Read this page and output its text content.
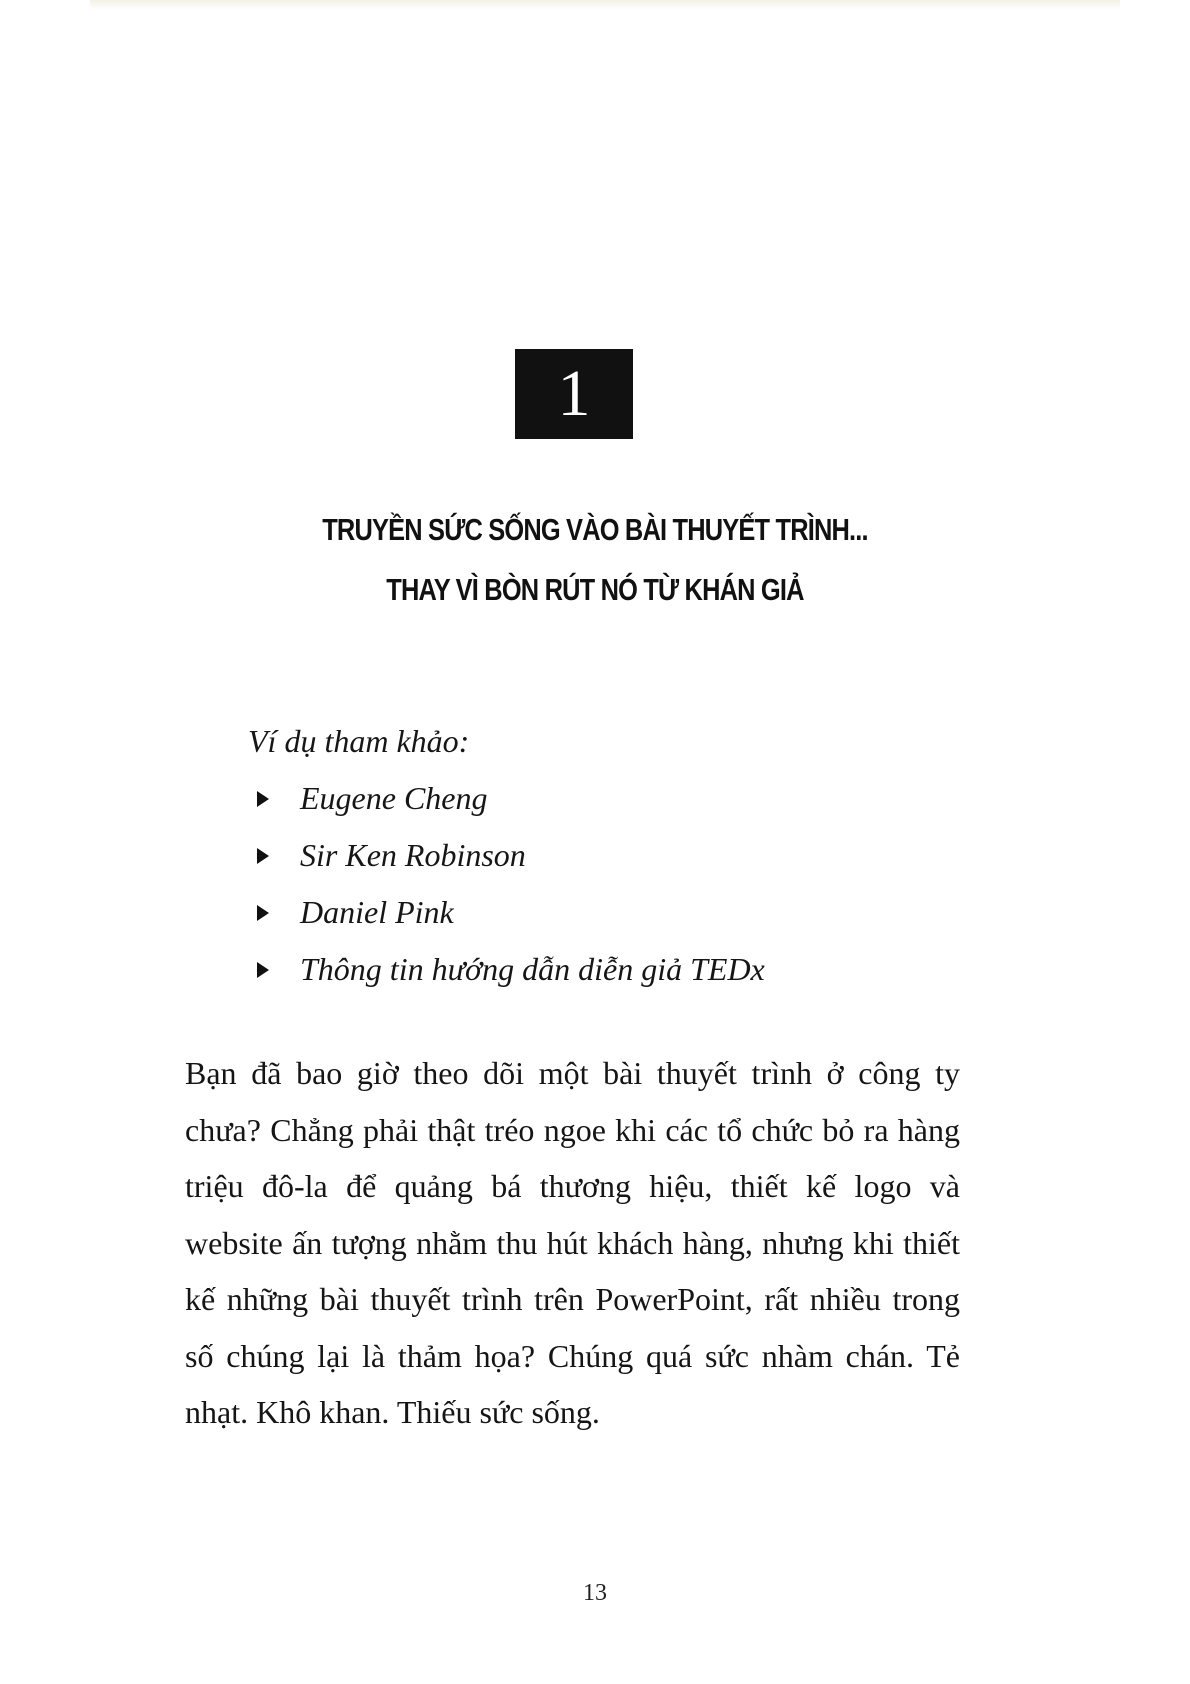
1
TRUYỀN SỨC SỐNG VÀO BÀI THUYẾT TRÌNH...
THAY VÌ BÒN RÚT NÓ TỪ KHÁN GIẢ
Ví dụ tham khảo:
Eugene Cheng
Sir Ken Robinson
Daniel Pink
Thông tin hướng dẫn diễn giả TEDx

Bạn đã bao giờ theo dõi một bài thuyết trình ở công ty chưa? Chẳng phải thật tréo ngoe khi các tổ chức bỏ ra hàng triệu đô-la để quảng bá thương hiệu, thiết kế logo và website ấn tượng nhằm thu hút khách hàng, nhưng khi thiết kế những bài thuyết trình trên PowerPoint, rất nhiều trong số chúng lại là thảm họa? Chúng quá sức nhàm chán. Tẻ nhạt. Khô khan. Thiếu sức sống.

13
